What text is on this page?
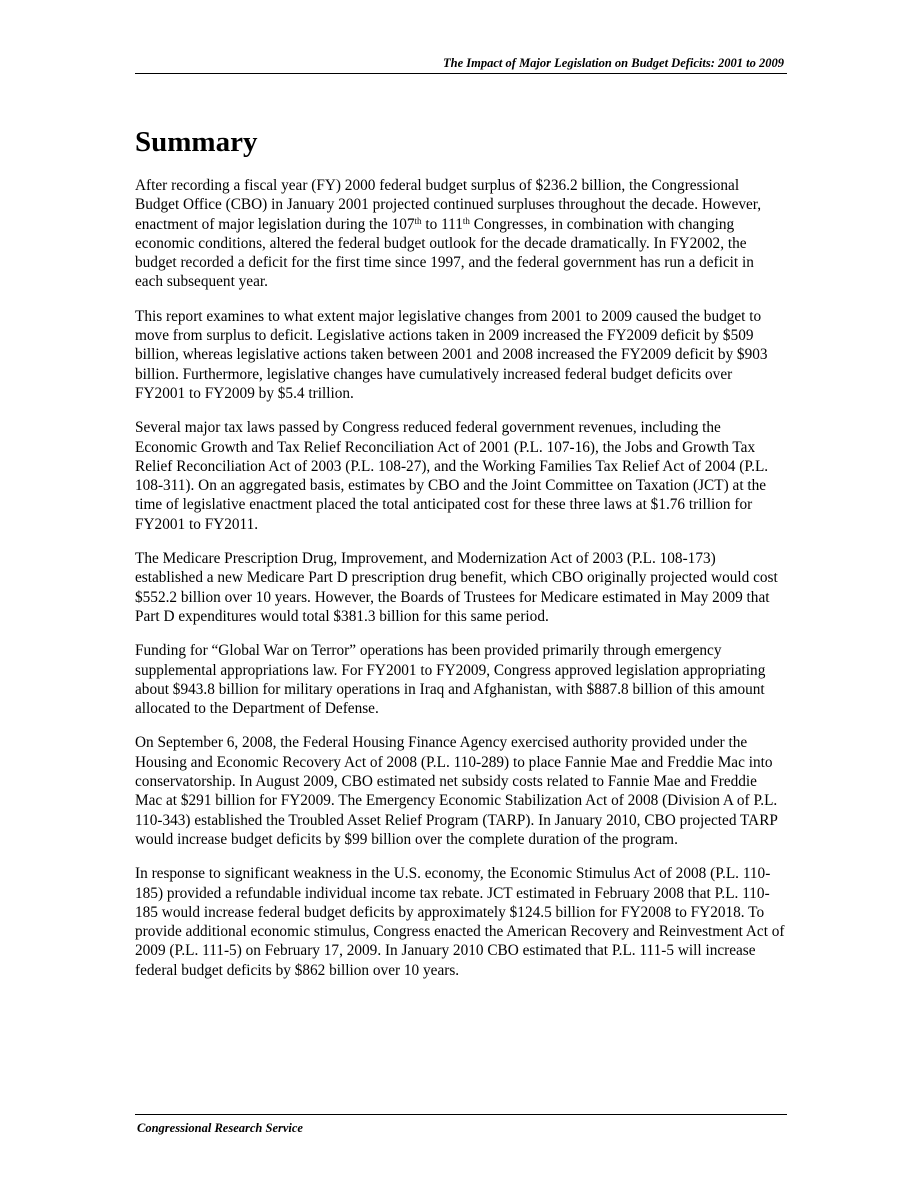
The Impact of Major Legislation on Budget Deficits: 2001 to 2009
Summary

After recording a fiscal year (FY) 2000 federal budget surplus of $236.2 billion, the Congressional Budget Office (CBO) in January 2001 projected continued surpluses throughout the decade. However, enactment of major legislation during the 107th to 111th Congresses, in combination with changing economic conditions, altered the federal budget outlook for the decade dramatically. In FY2002, the budget recorded a deficit for the first time since 1997, and the federal government has run a deficit in each subsequent year.

This report examines to what extent major legislative changes from 2001 to 2009 caused the budget to move from surplus to deficit. Legislative actions taken in 2009 increased the FY2009 deficit by $509 billion, whereas legislative actions taken between 2001 and 2008 increased the FY2009 deficit by $903 billion. Furthermore, legislative changes have cumulatively increased federal budget deficits over FY2001 to FY2009 by $5.4 trillion.

Several major tax laws passed by Congress reduced federal government revenues, including the Economic Growth and Tax Relief Reconciliation Act of 2001 (P.L. 107-16), the Jobs and Growth Tax Relief Reconciliation Act of 2003 (P.L. 108-27), and the Working Families Tax Relief Act of 2004 (P.L. 108-311). On an aggregated basis, estimates by CBO and the Joint Committee on Taxation (JCT) at the time of legislative enactment placed the total anticipated cost for these three laws at $1.76 trillion for FY2001 to FY2011.

The Medicare Prescription Drug, Improvement, and Modernization Act of 2003 (P.L. 108-173) established a new Medicare Part D prescription drug benefit, which CBO originally projected would cost $552.2 billion over 10 years. However, the Boards of Trustees for Medicare estimated in May 2009 that Part D expenditures would total $381.3 billion for this same period.

Funding for “Global War on Terror” operations has been provided primarily through emergency supplemental appropriations law. For FY2001 to FY2009, Congress approved legislation appropriating about $943.8 billion for military operations in Iraq and Afghanistan, with $887.8 billion of this amount allocated to the Department of Defense.

On September 6, 2008, the Federal Housing Finance Agency exercised authority provided under the Housing and Economic Recovery Act of 2008 (P.L. 110-289) to place Fannie Mae and Freddie Mac into conservatorship. In August 2009, CBO estimated net subsidy costs related to Fannie Mae and Freddie Mac at $291 billion for FY2009. The Emergency Economic Stabilization Act of 2008 (Division A of P.L. 110-343) established the Troubled Asset Relief Program (TARP). In January 2010, CBO projected TARP would increase budget deficits by $99 billion over the complete duration of the program.

In response to significant weakness in the U.S. economy, the Economic Stimulus Act of 2008 (P.L. 110-185) provided a refundable individual income tax rebate. JCT estimated in February 2008 that P.L. 110-185 would increase federal budget deficits by approximately $124.5 billion for FY2008 to FY2018. To provide additional economic stimulus, Congress enacted the American Recovery and Reinvestment Act of 2009 (P.L. 111-5) on February 17, 2009. In January 2010 CBO estimated that P.L. 111-5 will increase federal budget deficits by $862 billion over 10 years.

Congressional Research Service
